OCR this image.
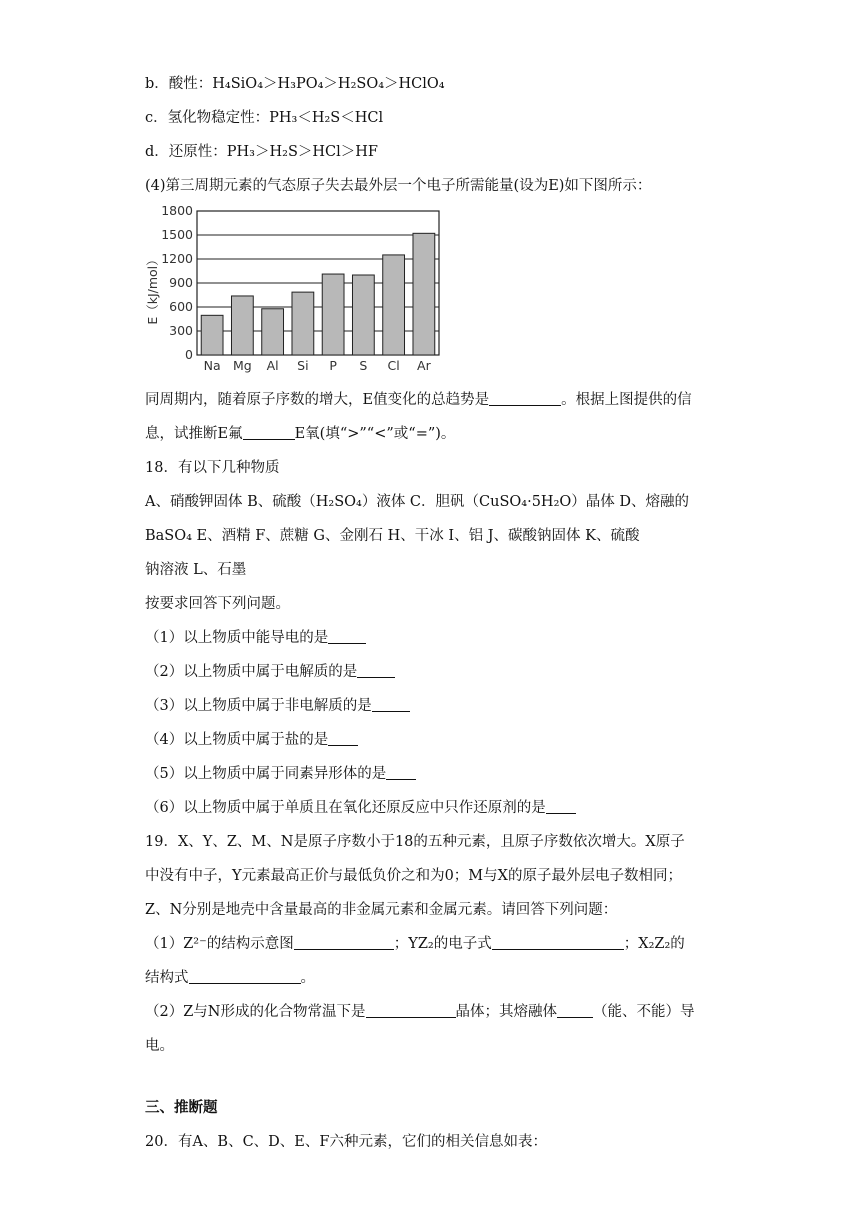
b．酸性：H₄SiO₄＞H₃PO₄＞H₂SO₄＞HClO₄
c．氢化物稳定性：PH₃＜H₂S＜HCl
d．还原性：PH₃＞H₂S＞HCl＞HF
(4)第三周期元素的气态原子失去最外层一个电子所需能量(设为E)如下图所示：
0
300
600
900
1200
1500
1800
Na Mg Al Si P S Cl Ar
E（kJ/mol）
同周期内，随着原子序数的增大，E值变化的总趋势是	。根据上图提供的信
息，试推断E氟	E氧(填“>”“<”或“=”)。
18．有以下几种物质
A、硝酸钾固体 B、硫酸（H₂SO₄）液体 C．胆矾（CuSO₄·5H₂O）晶体 D、熔融的
BaSO₄ E、酒精 F、蔗糖 G、金刚石 H、干冰 I、铝 J、碳酸钠固体 K、硫酸
钠溶液 L、石墨
按要求回答下列问题。
（1）以上物质中能导电的是
（2）以上物质中属于电解质的是
（3）以上物质中属于非电解质的是
（4）以上物质中属于盐的是
（5）以上物质中属于同素异形体的是
（6）以上物质中属于单质且在氧化还原反应中只作还原剂的是
19．X、Y、Z、M、N是原子序数小于18的五种元素，且原子序数依次增大。X原子
中没有中子，Y元素最高正价与最低负价之和为0；M与X的原子最外层电子数相同；
Z、N分别是地壳中含量最高的非金属元素和金属元素。请回答下列问题：
（1）Z²⁻的结构示意图	；YZ₂的电子式	；X₂Z₂的
结构式	。
（2）Z与N形成的化合物常温下是	晶体；其熔融体 （能、不能）导
电。
三、推断题
20．有A、B、C、D、E、F六种元素，它们的相关信息如表：
